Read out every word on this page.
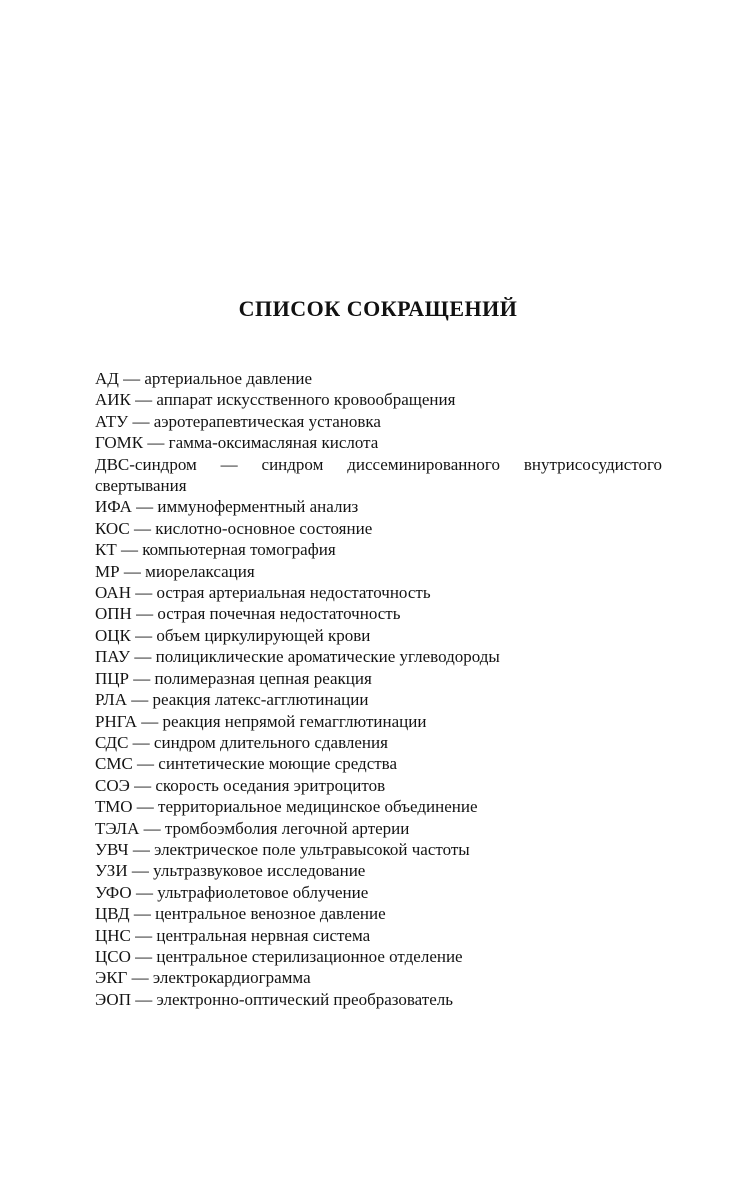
СПИСОК СОКРАЩЕНИЙ

АД — артериальное давление

АИК — аппарат искусственного кровообращения

АТУ — аэротерапевтическая установка

ГОМК — гамма-оксимасляная кислота

ДВС-синдром — синдром диссеминированного внутрисосудистого свертывания

ИФА — иммуноферментный анализ

КОС — кислотно-основное состояние

КТ — компьютерная томография

МР — миорелаксация

ОАН — острая артериальная недостаточность

ОПН — острая почечная недостаточность

ОЦК — объем циркулирующей крови

ПАУ — полициклические ароматические углеводороды

ПЦР — полимеразная цепная реакция

РЛА — реакция латекс-агглютинации

РНГА — реакция непрямой гемагглютинации

СДС — синдром длительного сдавления

СМС — синтетические моющие средства

СОЭ — скорость оседания эритроцитов

ТМО — территориальное медицинское объединение

ТЭЛА — тромбоэмболия легочной артерии

УВЧ — электрическое поле ультравысокой частоты

УЗИ — ультразвуковое исследование

УФО — ультрафиолетовое облучение

ЦВД — центральное венозное давление

ЦНС — центральная нервная система

ЦСО — центральное стерилизационное отделение

ЭКГ — электрокардиограмма

ЭОП — электронно-оптический преобразователь
